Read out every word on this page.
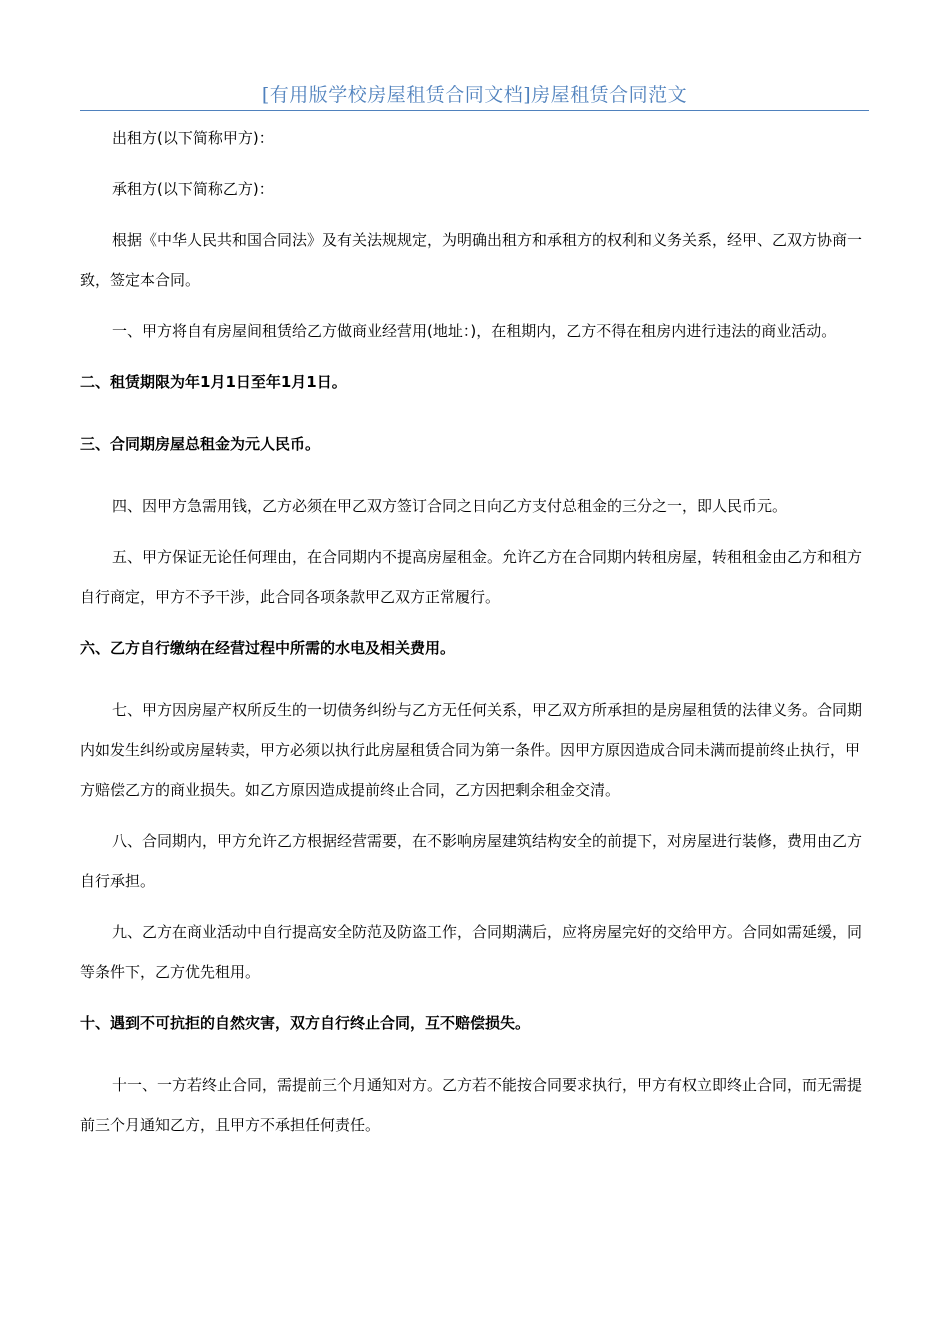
[有用版学校房屋租赁合同文档]房屋租赁合同范文

出租方(以下简称甲方)：

承租方(以下简称乙方)：

根据《中华人民共和国合同法》及有关法规规定，为明确出租方和承租方的权利和义务关系，经甲、乙双方协商一致，签定本合同。

一、甲方将自有房屋间租赁给乙方做商业经营用(地址：)，在租期内，乙方不得在租房内进行违法的商业活动。

二、租赁期限为年1月1日至年1月1日。

三、合同期房屋总租金为元人民币。

四、因甲方急需用钱，乙方必须在甲乙双方签订合同之日向乙方支付总租金的三分之一，即人民币元。

五、甲方保证无论任何理由，在合同期内不提高房屋租金。允许乙方在合同期内转租房屋，转租租金由乙方和租方自行商定，甲方不予干涉，此合同各项条款甲乙双方正常履行。

六、乙方自行缴纳在经营过程中所需的水电及相关费用。

七、甲方因房屋产权所反生的一切债务纠纷与乙方无任何关系，甲乙双方所承担的是房屋租赁的法律义务。合同期内如发生纠纷或房屋转卖，甲方必须以执行此房屋租赁合同为第一条件。因甲方原因造成合同未满而提前终止执行，甲方赔偿乙方的商业损失。如乙方原因造成提前终止合同，乙方因把剩余租金交清。

八、合同期内，甲方允许乙方根据经营需要，在不影响房屋建筑结构安全的前提下，对房屋进行装修，费用由乙方自行承担。

九、乙方在商业活动中自行提高安全防范及防盗工作，合同期满后，应将房屋完好的交给甲方。合同如需延缓，同等条件下，乙方优先租用。

十、遇到不可抗拒的自然灾害，双方自行终止合同，互不赔偿损失。

十一、一方若终止合同，需提前三个月通知对方。乙方若不能按合同要求执行，甲方有权立即终止合同，而无需提前三个月通知乙方，且甲方不承担任何责任。
